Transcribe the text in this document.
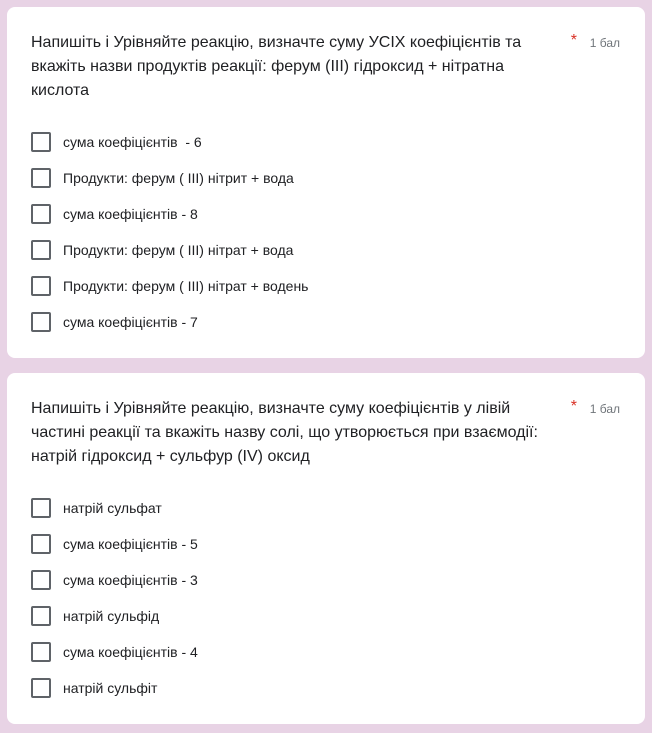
Напишіть і Урівняйте реакцію, визначте суму УСІХ коефіцієнтів та
вкажіть назви продуктів реакції: ферум (ІІІ) гідроксид + нітратна
кислота
* 1 бал
сума коефіцієнтів  - 6
Продукти: ферум ( ІІІ) нітрит + вода
сума коефіцієнтів - 8
Продукти: ферум ( ІІІ) нітрат + вода
Продукти: ферум ( ІІІ) нітрат + водень
сума коефіцієнтів - 7
Напишіть і Урівняйте реакцію, визначте суму коефіцієнтів у лівій
частині реакції та вкажіть назву солі, що утворюється при взаємодії:
натрій гідроксид + сульфур (IV) оксид
* 1 бал
натрій сульфат
сума коефіцієнтів - 5
сума коефіцієнтів - 3
натрій сульфід
сума коефіцієнтів - 4
натрій сульфіт
